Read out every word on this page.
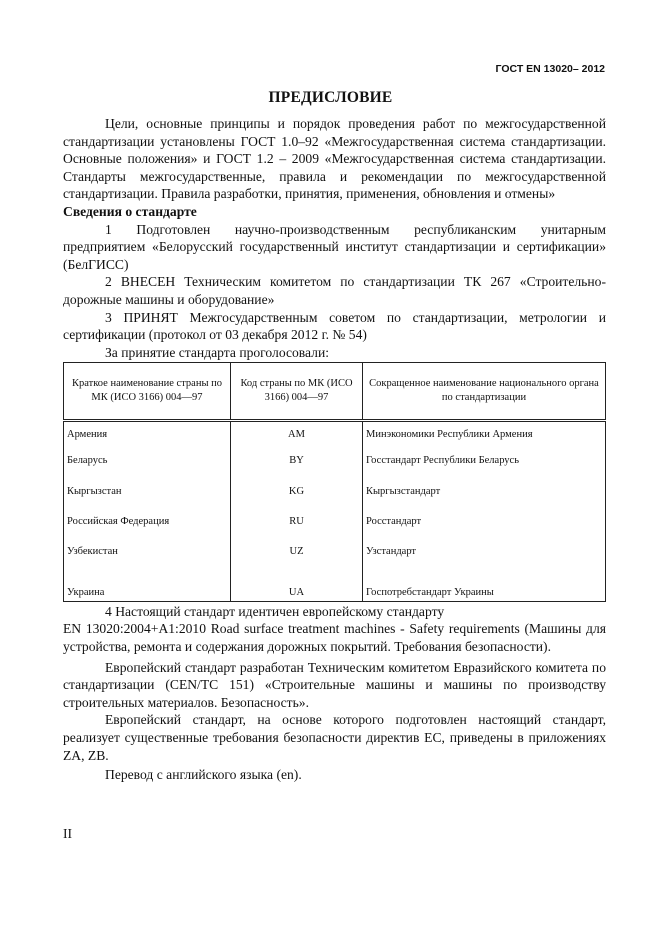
ГОСТ EN 13020– 2012
ПРЕДИСЛОВИЕ

Цели, основные принципы и порядок проведения работ по межгосударственной стандартизации установлены ГОСТ 1.0–92 «Межгосударственная система стандартизации. Основные положения» и ГОСТ 1.2 – 2009 «Межгосударственная система стандартизации. Стандарты межгосударственные, правила и рекомендации по межгосударственной стандартизации. Правила разработки, принятия, применения, обновления и отмены»

Сведения о стандарте

1 Подготовлен научно-производственным республиканским унитарным предприятием «Белорусский государственный институт стандартизации и сертификации» (БелГИСС)

2 ВНЕСЕН Техническим комитетом по стандартизации ТК 267 «Строительно-дорожные машины и оборудование»

3 ПРИНЯТ Межгосударственным советом по стандартизации, метрологии и сертификации (протокол от 03 декабря 2012 г. № 54)

За принятие стандарта проголосовали:
Краткое наименование страны по МК (ИСО 3166) 004—97	Код страны по МК (ИСО 3166) 004—97	Сокращенное наименование национального органа по стандартизации
Армения	AM	Минэкономики Республики Армения
Беларусь	BY	Госстандарт Республики Беларусь
Кыргызстан	KG	Кыргызстандарт
Российская Федерация	RU	Росстандарт
Узбекистан	UZ	Узстандарт
Украина	UA	Госпотребстандарт Украины
4 Настоящий стандарт идентичен европейскому стандарту

EN 13020:2004+A1:2010 Road surface treatment machines - Safety requirements (Машины для устройства, ремонта и содержания дорожных покрытий. Требования безопасности).

Европейский стандарт разработан Техническим комитетом Евразийского комитета по стандартизации (CEN/TC 151) «Строительные машины и машины по производству строительных материалов. Безопасность».

Европейский стандарт, на основе которого подготовлен настоящий стандарт, реализует существенные требования безопасности директив ЕС, приведены в приложениях ZA, ZB.

Перевод с английского языка (en).

II
